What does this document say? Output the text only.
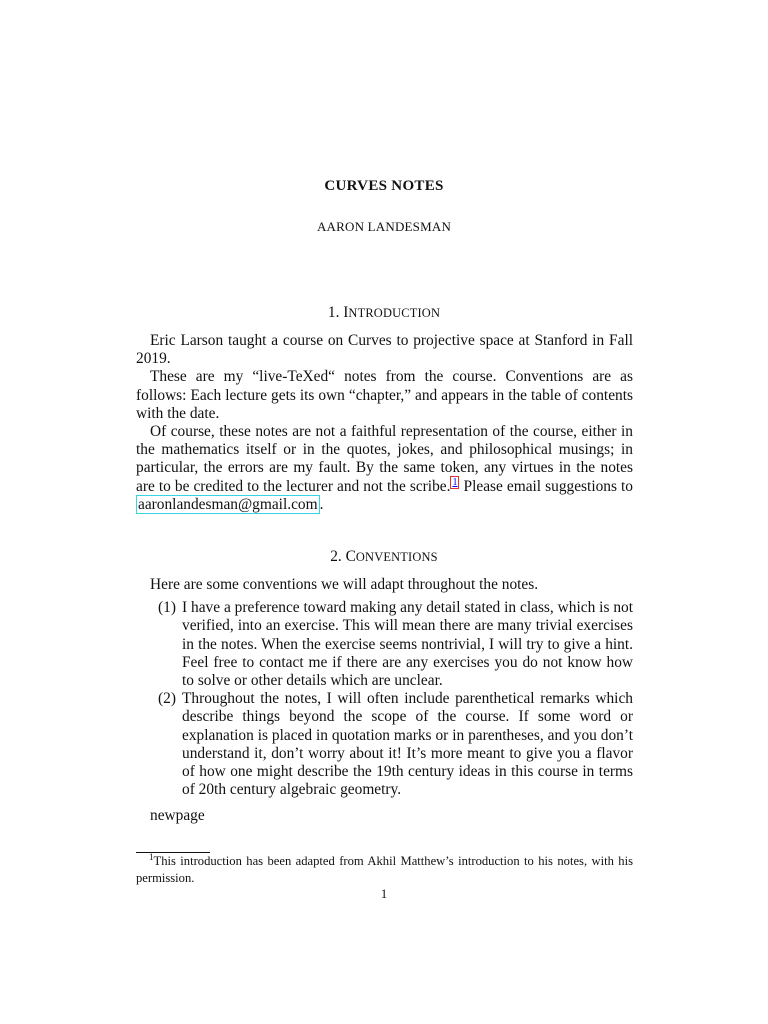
CURVES NOTES
AARON LANDESMAN
1. INTRODUCTION

Eric Larson taught a course on Curves to projective space at Stanford in Fall 2019.

These are my “live-TeXed“ notes from the course. Conventions are as follows: Each lecture gets its own “chapter,” and appears in the table of contents with the date.

Of course, these notes are not a faithful representation of the course, either in the mathematics itself or in the quotes, jokes, and philosophical musings; in particular, the errors are my fault. By the same token, any virtues in the notes are to be credited to the lecturer and not the scribe. $^1$ Please email suggestions to aaronlandesman@gmail.com .

2. CONVENTIONS

Here are some conventions we will adapt throughout the notes.

(1) I have a preference toward making any detail stated in class, which is not verified, into an exercise. This will mean there are many trivial exercises in the notes. When the exercise seems nontrivial, I will try to give a hint. Feel free to contact me if there are any exercises you do not know how to solve or other details which are unclear.
(2) Throughout the notes, I will often include parenthetical remarks which describe things beyond the scope of the course. If some word or explanation is placed in quotation marks or in parentheses, and you don’t understand it, don’t worry about it! It’s more meant to give you a flavor of how one might describe the 19th century ideas in this course in terms of 20th century algebraic geometry.

newpage

$^1$This introduction has been adapted from Akhil Matthew’s introduction to his notes, with his permission.
1
